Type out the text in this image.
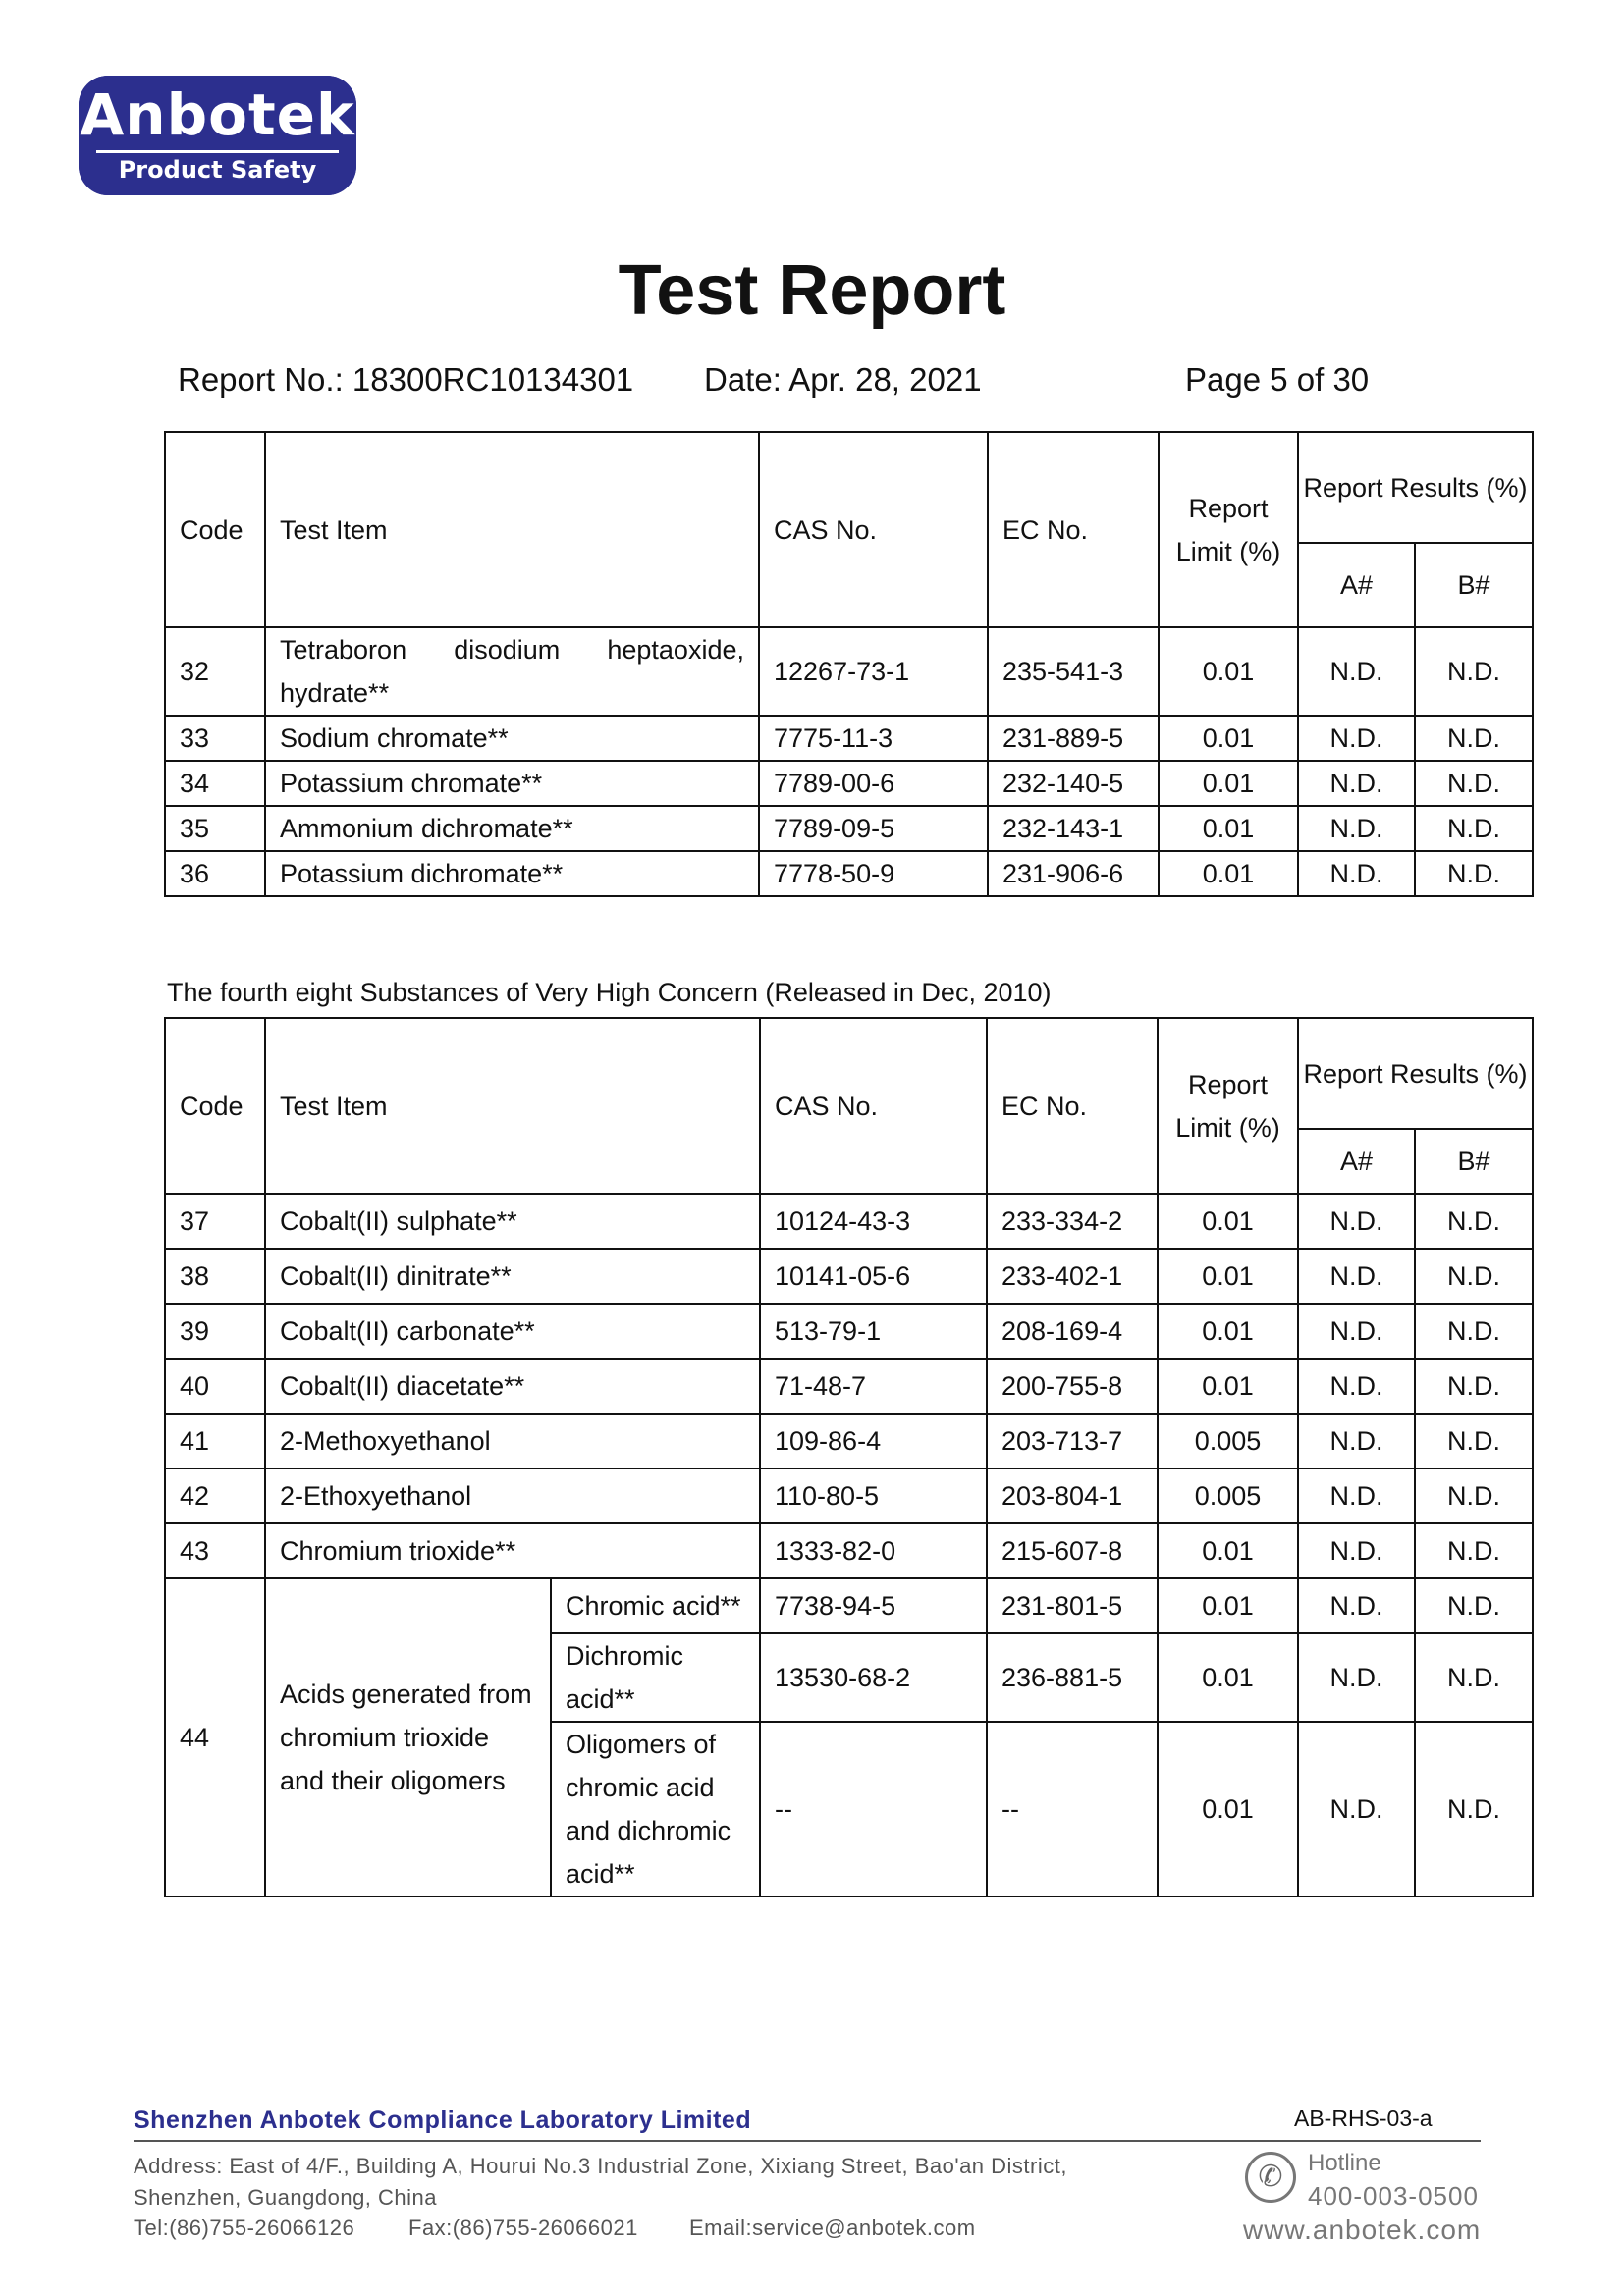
Anbotek
Product Safety
Test Report
Report No.: 18300RC10134301 Date: Apr. 28, 2021	Page 5 of 30
Code	Test Item	CAS No.	EC No.	Report Limit (%)	Report Results (%)	
					A#	B#
32	Tetraboron disodium heptaoxide, hydrate**	12267-73-1	235-541-3	0.01	N.D.	N.D.
33	Sodium chromate**	7775-11-3	231-889-5	0.01	N.D.	N.D.
34	Potassium chromate**	7789-00-6	232-140-5	0.01	N.D.	N.D.
35	Ammonium dichromate**	7789-09-5	232-143-1	0.01	N.D.	N.D.
36	Potassium dichromate**	7778-50-9	231-906-6	0.01	N.D.	N.D.
The fourth eight Substances of Very High Concern (Released in Dec, 2010)
Code	Test Item		CAS No.	EC No.	Report Limit (%)	Report Results (%)	
						A#	B#
37	Cobalt(II) sulphate**		10124-43-3	233-334-2	0.01	N.D.	N.D.
38	Cobalt(II) dinitrate**		10141-05-6	233-402-1	0.01	N.D.	N.D.
39	Cobalt(II) carbonate**		513-79-1	208-169-4	0.01	N.D.	N.D.
40	Cobalt(II) diacetate**		71-48-7	200-755-8	0.01	N.D.	N.D.
41	2-Methoxyethanol		109-86-4	203-713-7	0.005	N.D.	N.D.
42	2-Ethoxyethanol		110-80-5	203-804-1	0.005	N.D.	N.D.
43	Chromium trioxide**		1333-82-0	215-607-8	0.01	N.D.	N.D.
44	Acids generated from chromium trioxide and their oligomers	Chromic acid**	7738-94-5	231-801-5	0.01	N.D.	N.D.
		Dichromic acid**	13530-68-2	236-881-5	0.01	N.D.	N.D.
		Oligomers of chromic acid and dichromic acid**	--	--	0.01	N.D.	N.D.
Shenzhen Anbotek Compliance Laboratory Limited	AB-RHS-03-a
Address: East of 4/F., Building A, Hourui No.3 Industrial Zone, Xixiang Street, Bao'an District,
Shenzhen, Guangdong, China
Tel:(86)755-26066126 Fax:(86)755-26066021 Email:service@anbotek.com
✆	Hotline
400-003-0500
www.anbotek.com
